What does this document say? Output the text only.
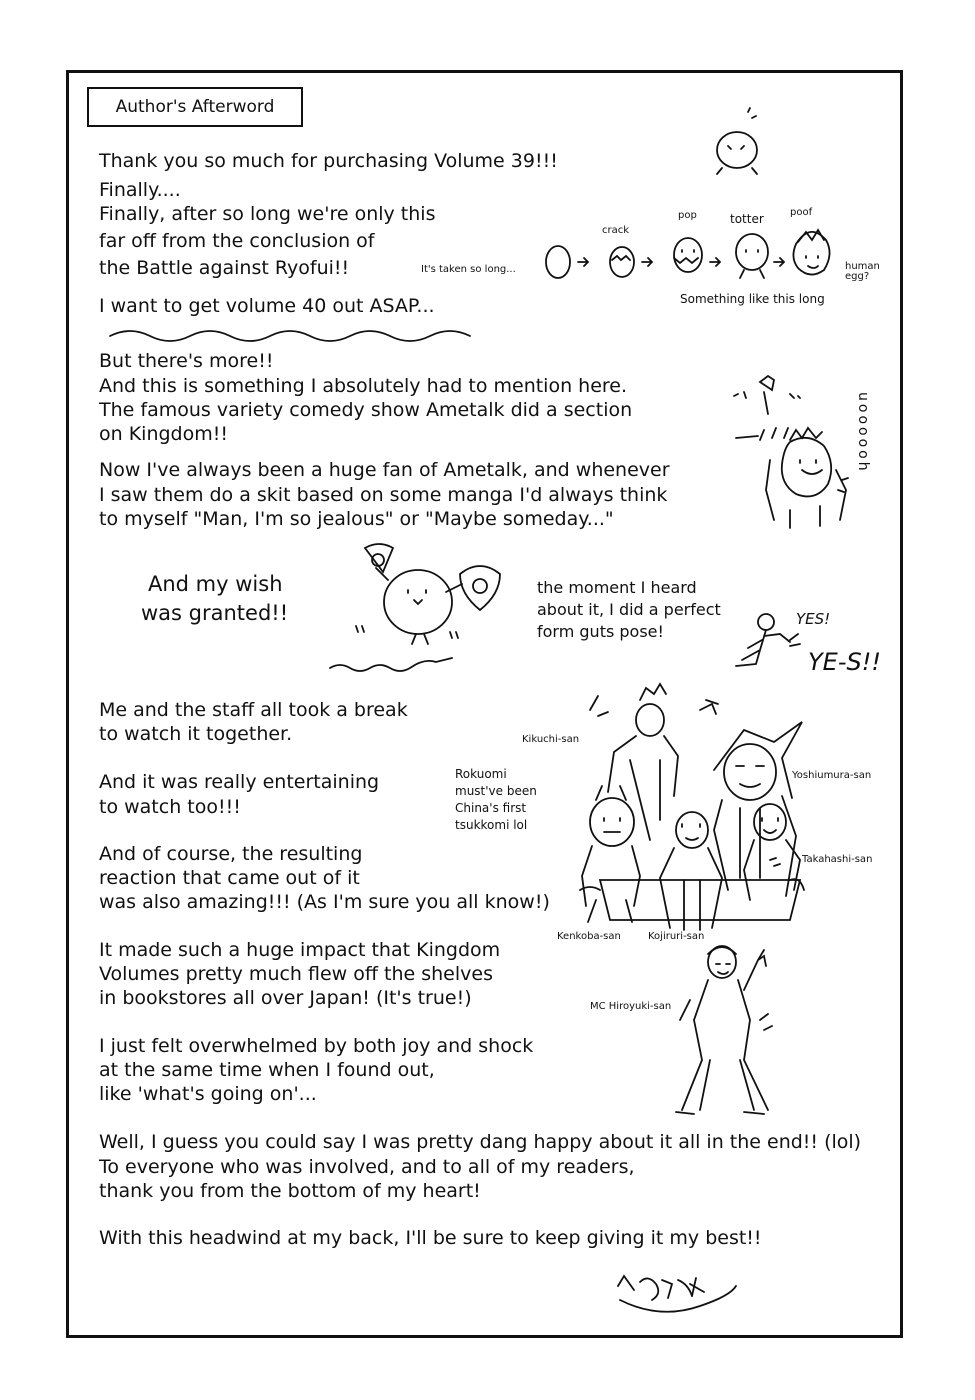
Author's Afterword
Thank you so much for purchasing Volume 39!!!
Finally....
Finally, after so long we're only this
far off from the conclusion of
the Battle against Ryofui!!	It's taken so long...
I want to get volume 40 out ASAP...
crack
pop	totter	poof
human egg?
Something like this long
But there's more!!
And this is something I absolutely had to mention here.
The famous variety comedy show Ametalk did a section
on Kingdom!!
Now I've always been a huge fan of Ametalk, and whenever
I saw them do a skit based on some manga I'd always think
to myself "Man, I'm so jealous" or "Maybe someday..."
uoooooh
And my wish
was granted!!
the moment I heard
about it, I did a perfect
form guts pose!
YES!
YE-S!!
Me and the staff all took a break
to watch it together.
And it was really entertaining
to watch too!!!
And of course, the resulting
reaction that came out of it
was also amazing!!! (As I'm sure you all know!)
It made such a huge impact that Kingdom
Volumes pretty much flew off the shelves
in bookstores all over Japan! (It's true!)
I just felt overwhelmed by both joy and shock
at the same time when I found out,
like 'what's going on'...
Rokuomi
must've been
China's first
tsukkomi lol
Kikuchi-san
Yoshiumura-san
Takahashi-san
Kenkoba-san	Kojiruri-san
MC Hiroyuki-san
Well, I guess you could say I was pretty dang happy about it all in the end!! (lol)
To everyone who was involved, and to all of my readers,
thank you from the bottom of my heart!
With this headwind at my back, I'll be sure to keep giving it my best!!
